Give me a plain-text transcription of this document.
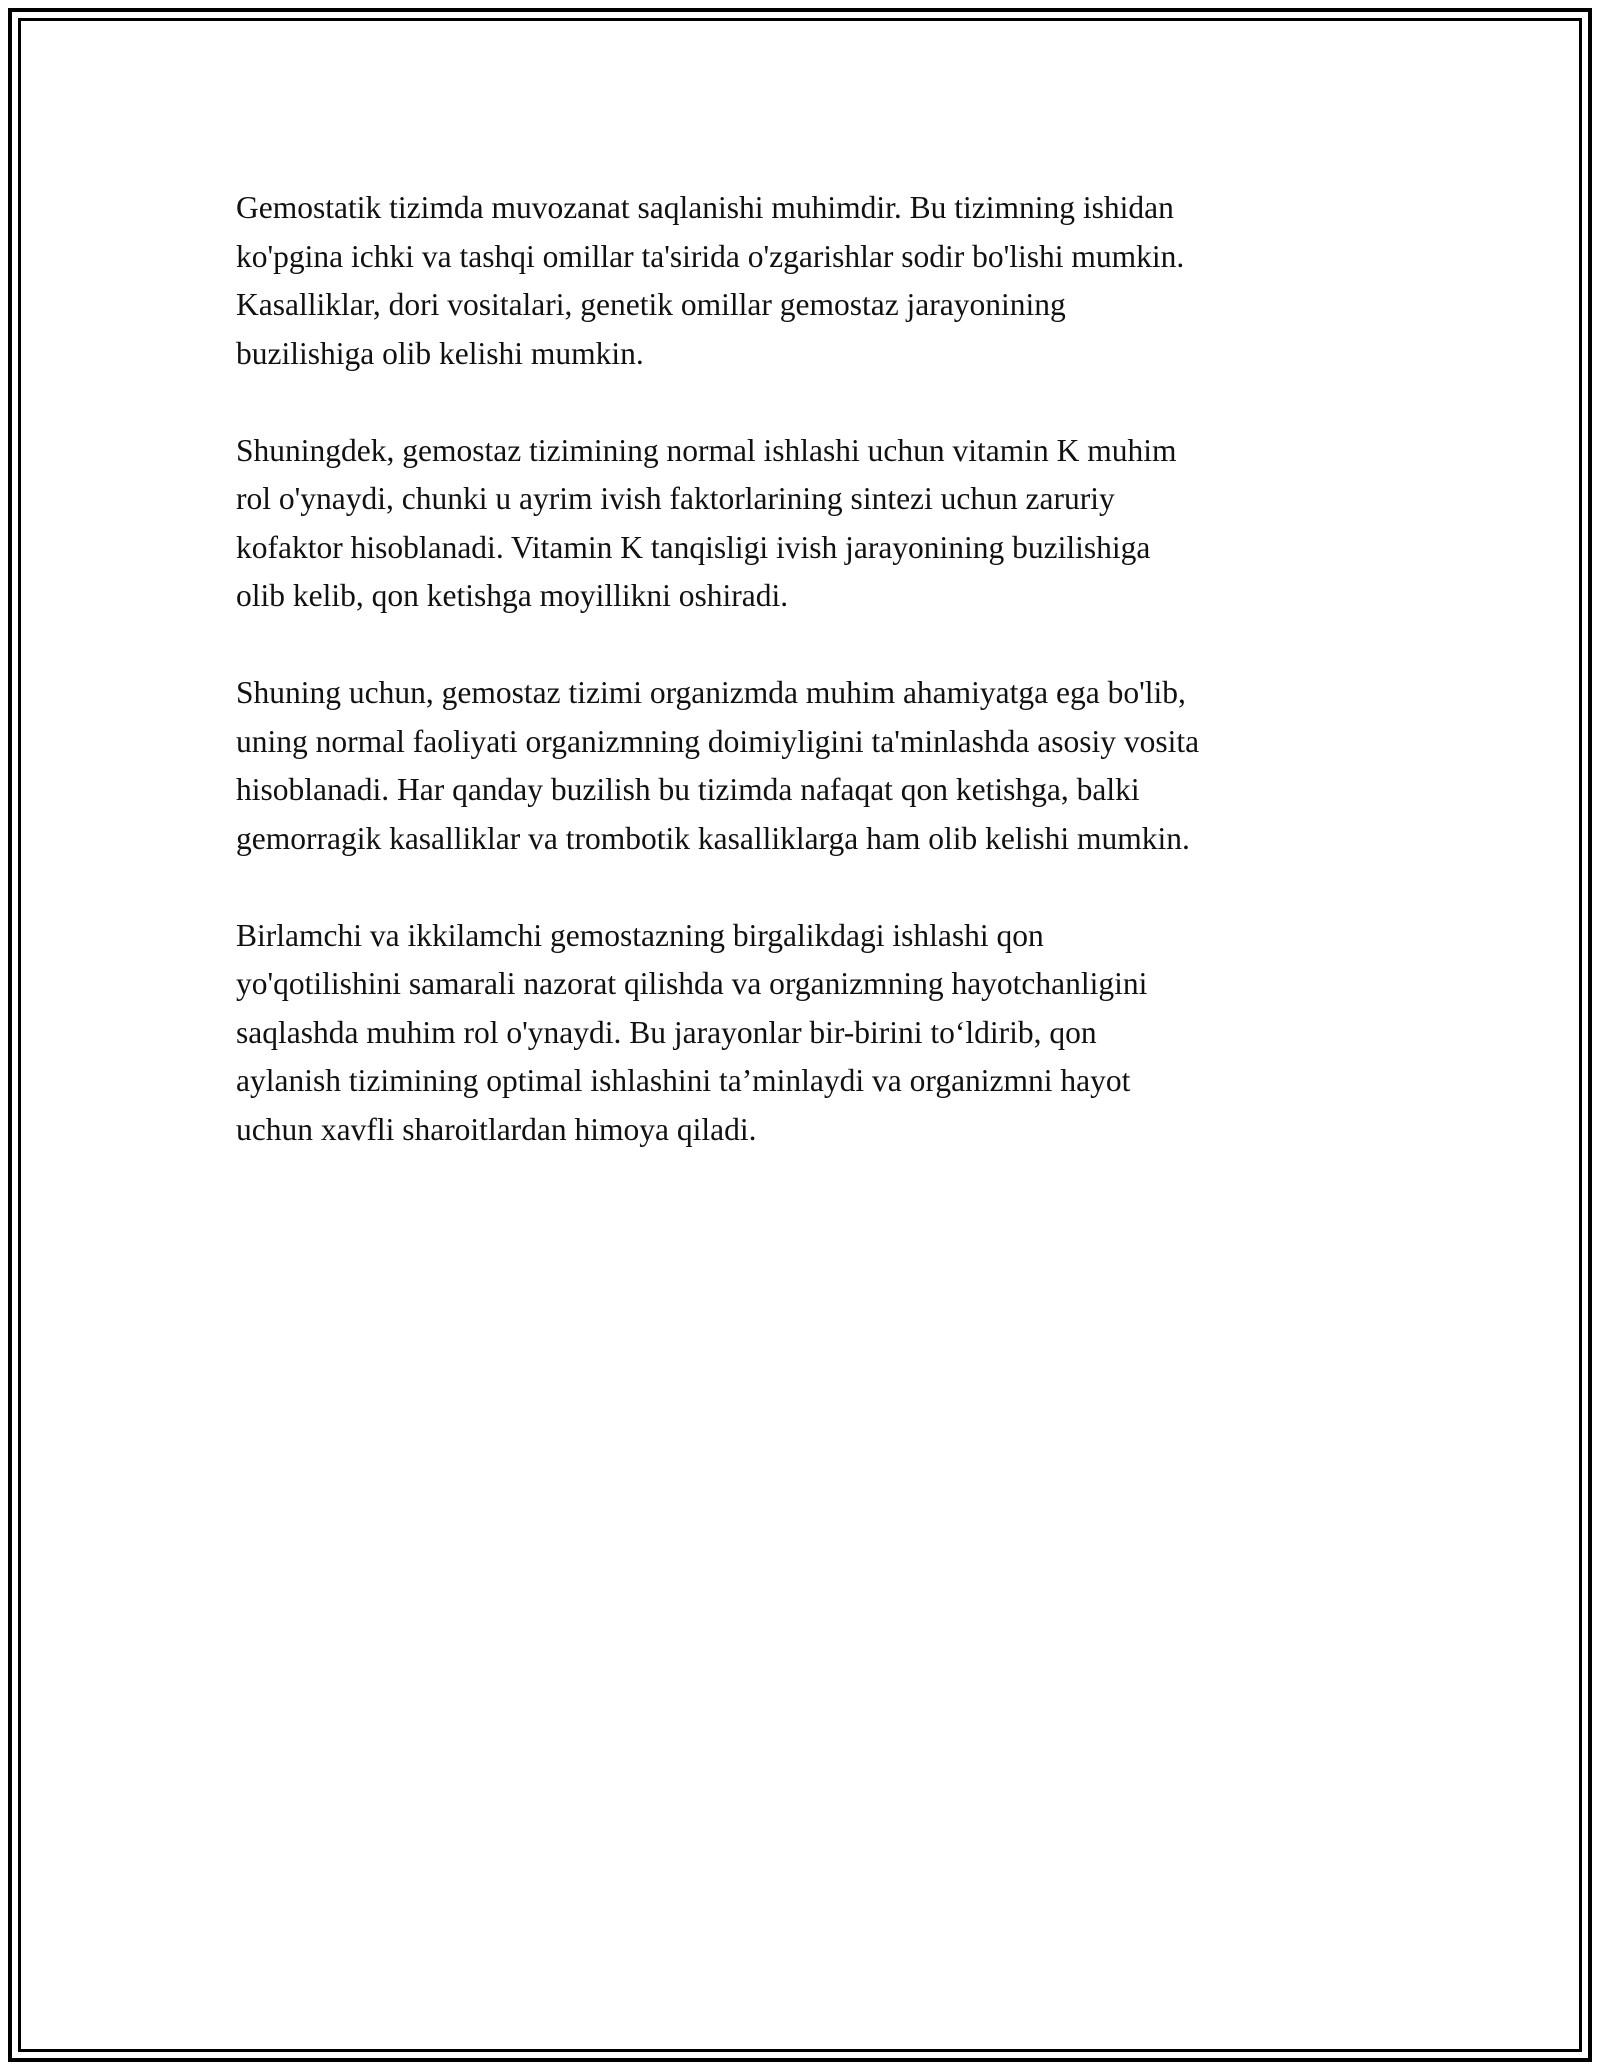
Gemostatik tizimda muvozanat saqlanishi muhimdir. Bu tizimning ishidan
ko'pgina ichki va tashqi omillar ta'sirida o'zgarishlar sodir bo'lishi mumkin.
Kasalliklar, dori vositalari, genetik omillar gemostaz jarayonining
buzilishiga olib kelishi mumkin.

Shuningdek, gemostaz tizimining normal ishlashi uchun vitamin K muhim
rol o'ynaydi, chunki u ayrim ivish faktorlarining sintezi uchun zaruriy
kofaktor hisoblanadi. Vitamin K tanqisligi ivish jarayonining buzilishiga
olib kelib, qon ketishga moyillikni oshiradi.

Shuning uchun, gemostaz tizimi organizmda muhim ahamiyatga ega bo'lib,
uning normal faoliyati organizmning doimiyligini ta'minlashda asosiy vosita
hisoblanadi. Har qanday buzilish bu tizimda nafaqat qon ketishga, balki
gemorragik kasalliklar va trombotik kasalliklarga ham olib kelishi mumkin.

Birlamchi va ikkilamchi gemostazning birgalikdagi ishlashi qon
yo'qotilishini samarali nazorat qilishda va organizmning hayotchanligini
saqlashda muhim rol o'ynaydi. Bu jarayonlar bir-birini to‘ldirib, qon
aylanish tizimining optimal ishlashini ta’minlaydi va organizmni hayot
uchun xavfli sharoitlardan himoya qiladi.
